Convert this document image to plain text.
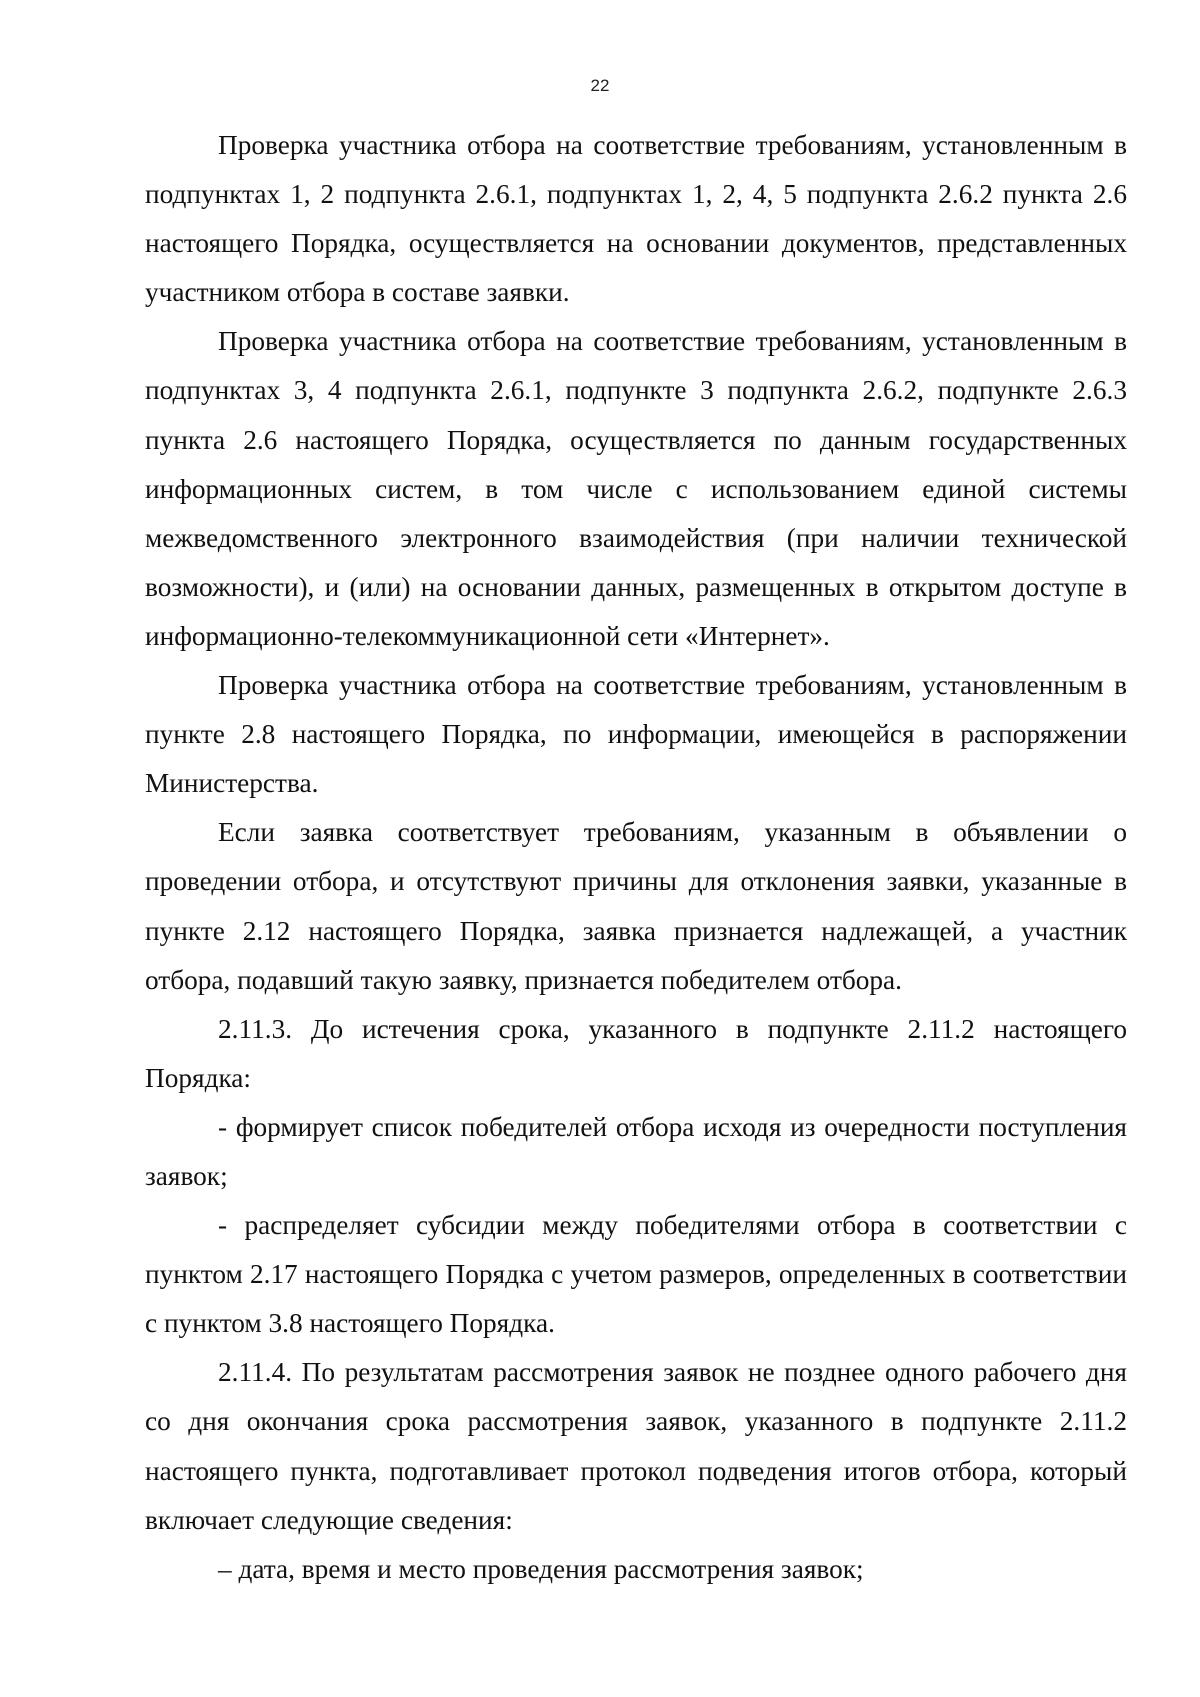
22

Проверка участника отбора на соответствие требованиям, установленным в подпунктах 1, 2 подпункта 2.6.1, подпунктах 1, 2, 4, 5 подпункта 2.6.2 пункта 2.6 настоящего Порядка, осуществляется на основании документов, представленных участником отбора в составе заявки.

Проверка участника отбора на соответствие требованиям, установленным в подпунктах 3, 4 подпункта 2.6.1, подпункте 3 подпункта 2.6.2, подпункте 2.6.3 пункта 2.6 настоящего Порядка, осуществляется по данным государственных информационных систем, в том числе с использованием единой системы межведомственного электронного взаимодействия (при наличии технической возможности), и (или) на основании данных, размещенных в открытом доступе в информационно-телекоммуникационной сети «Интернет».

Проверка участника отбора на соответствие требованиям, установленным в пункте 2.8 настоящего Порядка, по информации, имеющейся в распоряжении Министерства.

Если заявка соответствует требованиям, указанным в объявлении о проведении отбора, и отсутствуют причины для отклонения заявки, указанные в пункте 2.12 настоящего Порядка, заявка признается надлежащей, а участник отбора, подавший такую заявку, признается победителем отбора.

2.11.3. До истечения срока, указанного в подпункте 2.11.2 настоящего Порядка:

- формирует список победителей отбора исходя из очередности поступления заявок;

- распределяет субсидии между победителями отбора в соответствии с пунктом 2.17 настоящего Порядка с учетом размеров, определенных в соответствии с пунктом 3.8 настоящего Порядка.

2.11.4. По результатам рассмотрения заявок не позднее одного рабочего дня со дня окончания срока рассмотрения заявок, указанного в подпункте 2.11.2 настоящего пункта, подготавливает протокол подведения итогов отбора, который включает следующие сведения:

– дата, время и место проведения рассмотрения заявок;
